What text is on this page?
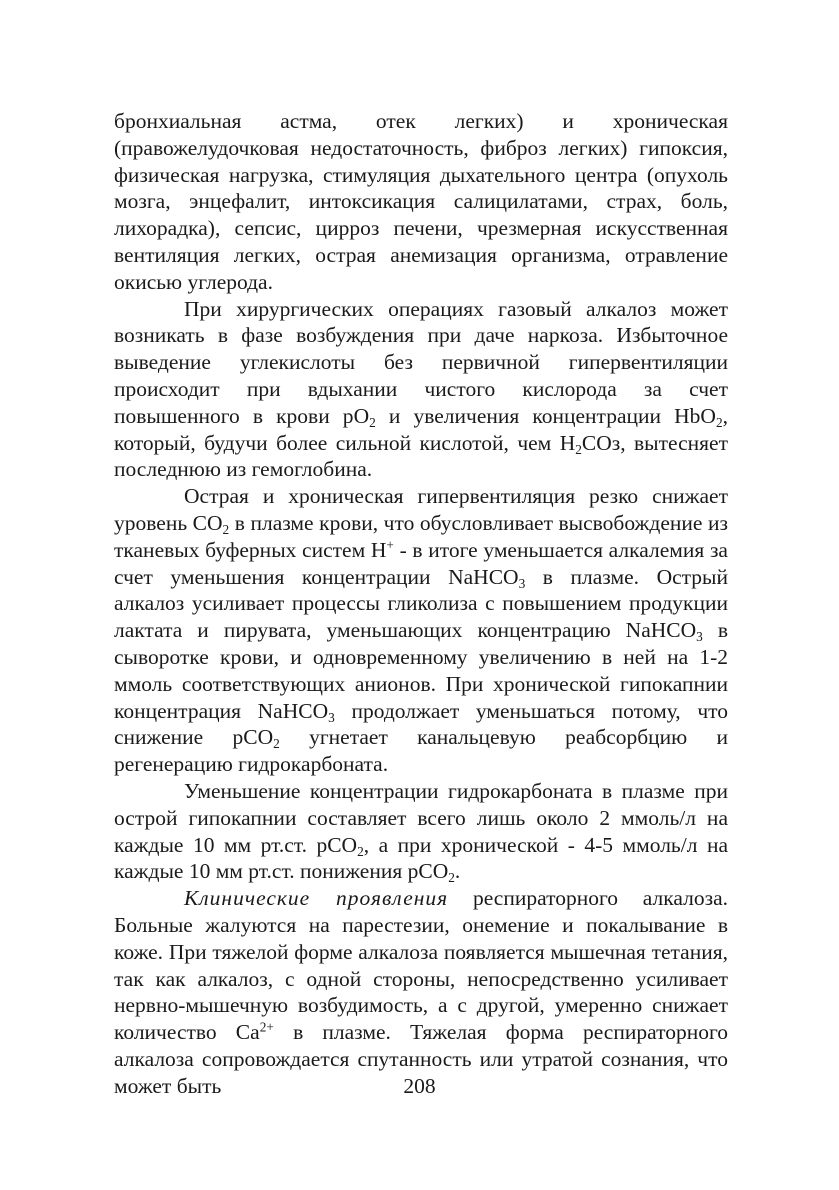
бронхиальная астма, отек легких) и хроническая (правожелудочковая недостаточность, фиброз легких) гипоксия, физическая нагрузка, стимуляция дыхательного центра (опухоль мозга, энцефалит, интоксикация салицилатами, страх, боль, лихорадка), сепсис, цирроз печени, чрезмерная искусственная вентиляция легких, острая анемизация организма, отравление окисью углерода.

При хирургических операциях газовый алкалоз может возникать в фазе возбуждения при даче наркоза. Избыточное выведение углекислоты без первичной гипервентиляции происходит при вдыхании чистого кислорода за счет повышенного в крови $рО_2$ и увеличения концентрации HbO$_2$, который, будучи более сильной кислотой, чем $Н_2СОз$, вытесняет последнюю из гемоглобина.

Острая и хроническая гипервентиляция резко снижает уровень $СО_2$ в плазме крови, что обусловливает высвобождение из тканевых буферных систем Н+ - в итоге уменьшается алкалемия за счет уменьшения концентрации NaHCO$_3$ в плазме. Острый алкалоз усиливает процессы гликолиза с повышением продукции лактата и пирувата, уменьшающих концентрацию NaHCO$_3$ в сыворотке крови, и одновременному увеличению в ней на 1-2 ммоль соответствующих анионов. При хронической гипокапнии концентрация NaHCO$_3$ продолжает уменьшаться потому, что снижение рСО$_2$ угнетает канальцевую реабсорбцию и регенерацию гидрокарбоната.

Уменьшение концентрации гидрокарбоната в плазме при острой гипокапнии составляет всего лишь около 2 ммоль/л на каждые 10 мм рт.ст. рСО$_2$, а при хронической - 4-5 ммоль/л на каждые 10 мм рт.ст. понижения рСО$_2$.

Клинические проявления респираторного алкалоза. Больные жалуются на парестезии, онемение и покалывание в коже. При тяжелой форме алкалоза появляется мышечная тетания, так как алкалоз, с одной стороны, непосредственно усиливает нервно-мышечную возбудимость, а с другой, умеренно снижает количество $Са^{2+}$ в плазме. Тяжелая форма респираторного алкалоза сопровождается спутанность или утратой сознания, что может быть	208
